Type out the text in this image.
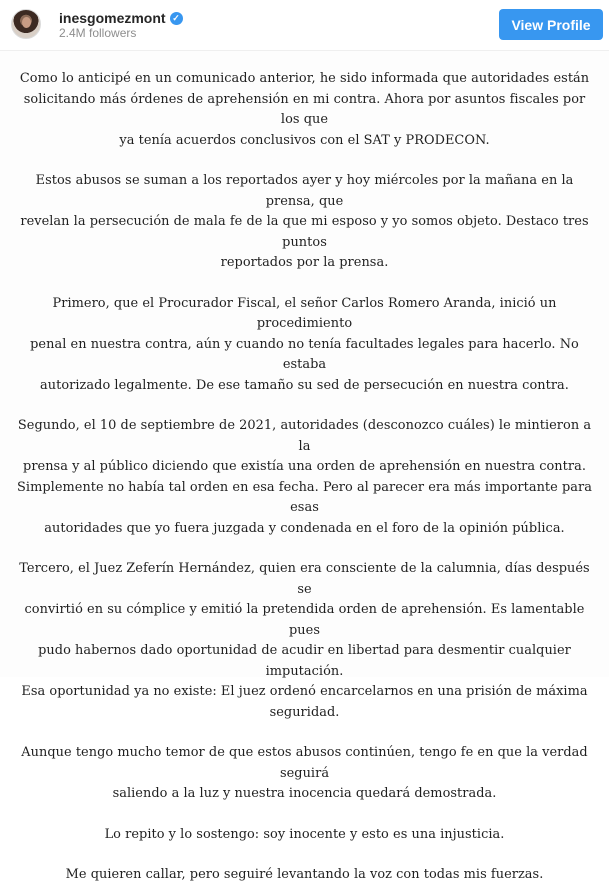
inesgomezmont ✓
2.4M followers
View Profile

Como lo anticipé en un comunicado anterior, he sido informada que autoridades están
solicitando más órdenes de aprehensión en mi contra. Ahora por asuntos fiscales por los que
ya tenía acuerdos conclusivos con el SAT y PRODECON.

Estos abusos se suman a los reportados ayer y hoy miércoles por la mañana en la prensa, que
revelan la persecución de mala fe de la que mi esposo y yo somos objeto. Destaco tres puntos
reportados por la prensa.

Primero, que el Procurador Fiscal, el señor Carlos Romero Aranda, inició un procedimiento
penal en nuestra contra, aún y cuando no tenía facultades legales para hacerlo. No estaba
autorizado legalmente. De ese tamaño su sed de persecución en nuestra contra.

Segundo, el 10 de septiembre de 2021, autoridades (desconozco cuáles) le mintieron a la
prensa y al público diciendo que existía una orden de aprehensión en nuestra contra.
Simplemente no había tal orden en esa fecha. Pero al parecer era más importante para esas
autoridades que yo fuera juzgada y condenada en el foro de la opinión pública.

Tercero, el Juez Zeferín Hernández, quien era consciente de la calumnia, días después se
convirtió en su cómplice y emitió la pretendida orden de aprehensión. Es lamentable pues
pudo habernos dado oportunidad de acudir en libertad para desmentir cualquier imputación.
Esa oportunidad ya no existe: El juez ordenó encarcelarnos en una prisión de máxima
seguridad.

Aunque tengo mucho temor de que estos abusos continúen, tengo fe en que la verdad seguirá
saliendo a la luz y nuestra inocencia quedará demostrada.

Lo repito y lo sostengo: soy inocente y esto es una injusticia.

Me quieren callar, pero seguiré levantando la voz con todas mis fuerzas.
